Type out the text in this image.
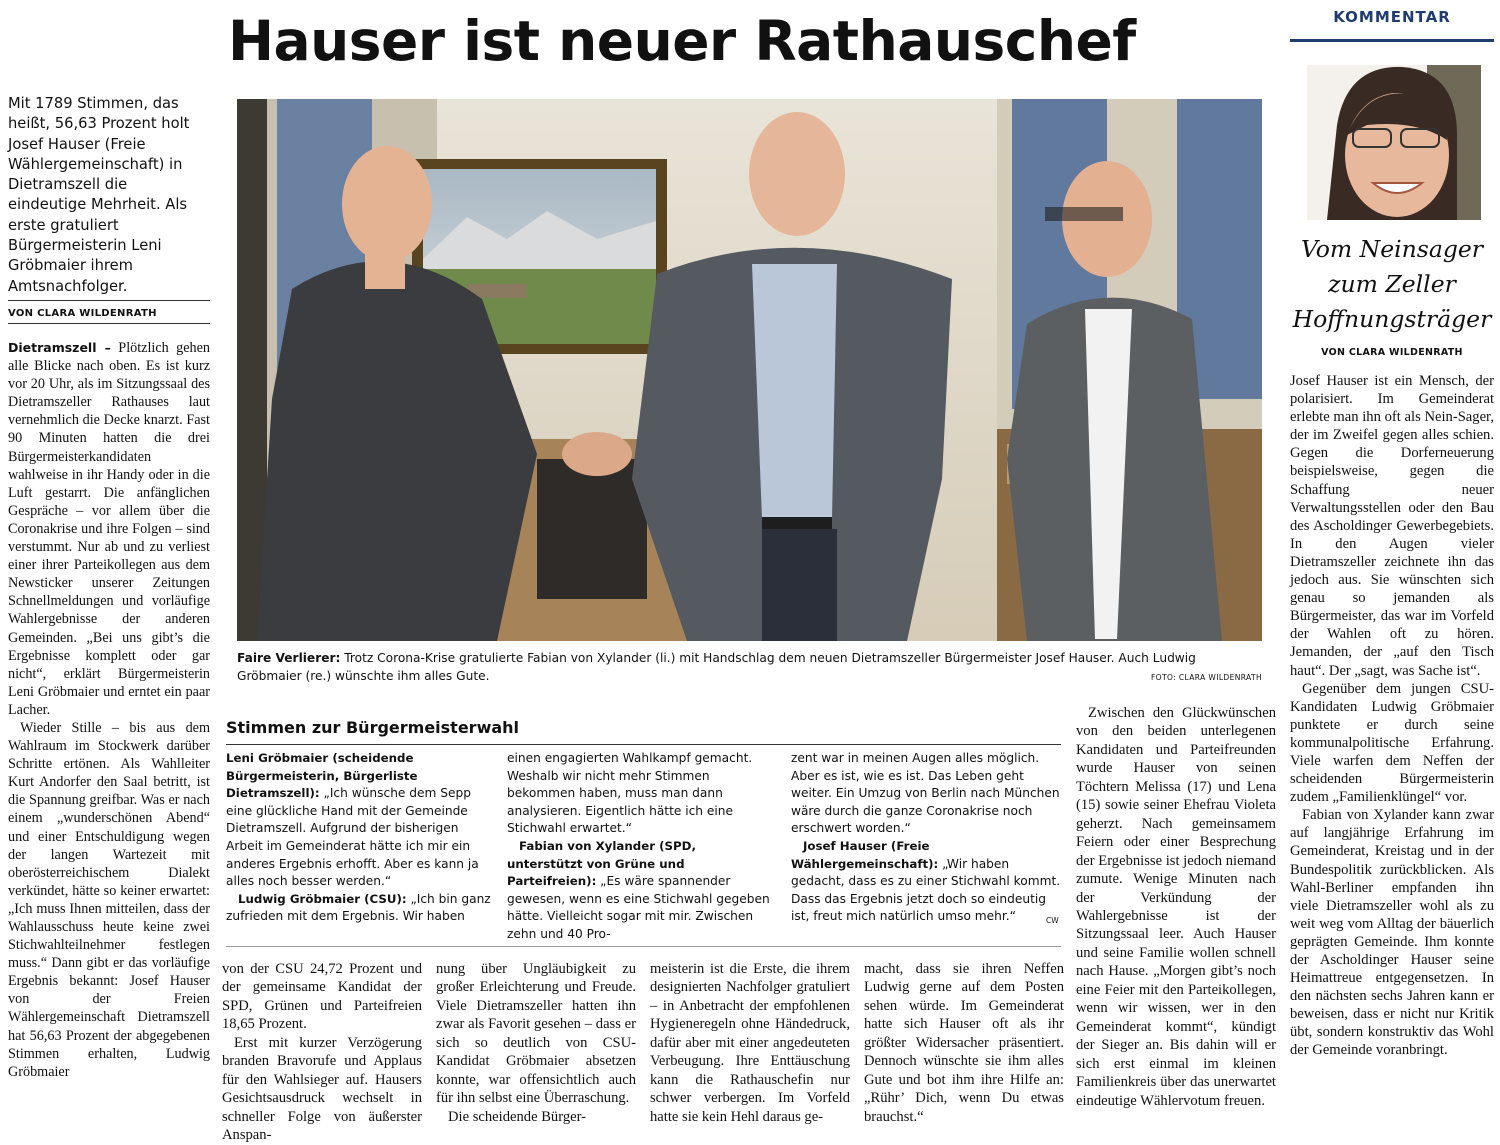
Hauser ist neuer Rathauschef
Mit 1789 Stimmen, das heißt, 56,63 Prozent holt Josef Hauser (Freie Wählergemeinschaft) in Dietramszell die eindeutige Mehrheit. Als erste gratuliert Bürgermeisterin Leni Gröbmaier ihrem Amtsnachfolger.
VON CLARA WILDENRATH

Dietramszell – Plötzlich gehen alle Blicke nach oben. Es ist kurz vor 20 Uhr, als im Sitzungssaal des Dietramszeller Rathauses laut vernehmlich die Decke knarzt. Fast 90 Minuten hatten die drei Bürgermeisterkandidaten wahlweise in ihr Handy oder in die Luft gestarrt. Die anfänglichen Gespräche – vor allem über die Coronakrise und ihre Folgen – sind verstummt. Nur ab und zu verliest einer ihrer Parteikollegen aus dem Newsticker unserer Zeitungen Schnellmeldungen und vorläufige Wahlergebnisse der anderen Gemeinden. „Bei uns gibt’s die Ergebnisse komplett oder gar nicht“, erklärt Bürgermeisterin Leni Gröbmaier und erntet ein paar Lacher.

Wieder Stille – bis aus dem Wahlraum im Stockwerk darüber Schritte ertönen. Als Wahlleiter Kurt Andorfer den Saal betritt, ist die Spannung greifbar. Was er nach einem „wunderschönen Abend“ und einer Entschuldigung wegen der langen Wartezeit mit oberösterreichischem Dialekt verkündet, hätte so keiner erwartet: „Ich muss Ihnen mitteilen, dass der Wahlausschuss heute keine zwei Stichwahlteilnehmer festlegen muss.“ Dann gibt er das vorläufige Ergebnis bekannt: Josef Hauser von der Freien Wählergemeinschaft Dietramszell hat 56,63 Prozent der abgegebenen Stimmen erhalten, Ludwig Gröbmaier

Faire Verlierer: Trotz Corona-Krise gratulierte Fabian von Xylander (li.) mit Handschlag dem neuen Dietramszeller Bürgermeister Josef Hauser. Auch Ludwig Gröbmaier (re.) wünschte ihm alles Gute.	FOTO: CLARA WILDENRATH
Stimmen zur Bürgermeisterwahl

Leni Gröbmaier (scheidende Bürgermeisterin, Bürgerliste Dietramszell): „Ich wünsche dem Sepp eine glückliche Hand mit der Gemeinde Dietramszell. Aufgrund der bisherigen Arbeit im Gemeinderat hätte ich mir ein anderes Ergebnis erhofft. Aber es kann ja alles noch besser werden.“

Ludwig Gröbmaier (CSU): „Ich bin ganz zufrieden mit dem Ergebnis. Wir haben

einen engagierten Wahlkampf gemacht. Weshalb wir nicht mehr Stimmen bekommen haben, muss man dann analysieren. Eigentlich hätte ich eine Stichwahl erwartet.“

Fabian von Xylander (SPD, unterstützt von Grüne und Parteifreien): „Es wäre spannender gewesen, wenn es eine Stichwahl gegeben hätte. Vielleicht sogar mit mir. Zwischen zehn und 40 Pro-

zent war in meinen Augen alles möglich. Aber es ist, wie es ist. Das Leben geht weiter. Ein Umzug von Berlin nach München wäre durch die ganze Coronakrise noch erschwert worden.“

Josef Hauser (Freie Wählergemeinschaft): „Wir haben gedacht, dass es zu einer Stichwahl kommt. Dass das Ergebnis jetzt doch so eindeutig ist, freut mich natürlich umso mehr.“	CW

von der CSU 24,72 Prozent und der gemeinsame Kandidat der SPD, Grünen und Parteifreien 18,65 Prozent.

Erst mit kurzer Verzögerung branden Bravorufe und Applaus für den Wahlsieger auf. Hausers Gesichtsausdruck wechselt in schneller Folge von äußerster Anspan-

nung über Ungläubigkeit zu großer Erleichterung und Freude. Viele Dietramszeller hatten ihn zwar als Favorit gesehen – dass er sich so deutlich von CSU-Kandidat Gröbmaier absetzen konnte, war offensichtlich auch für ihn selbst eine Überraschung.

Die scheidende Bürger-

meisterin ist die Erste, die ihrem designierten Nachfolger gratuliert – in Anbetracht der empfohlenen Hygieneregeln ohne Händedruck, dafür aber mit einer angedeuteten Verbeugung. Ihre Enttäuschung kann die Rathauschefin nur schwer verbergen. Im Vorfeld hatte sie kein Hehl daraus ge-

macht, dass sie ihren Neffen Ludwig gerne auf dem Posten sehen würde. Im Gemeinderat hatte sich Hauser oft als ihr größter Widersacher präsentiert. Dennoch wünschte sie ihm alles Gute und bot ihm ihre Hilfe an: „Rühr’ Dich, wenn Du etwas brauchst.“

Zwischen den Glückwünschen von den beiden unterlegenen Kandidaten und Parteifreunden wurde Hauser von seinen Töchtern Melissa (17) und Lena (15) sowie seiner Ehefrau Violeta geherzt. Nach gemeinsamem Feiern oder einer Besprechung der Ergebnisse ist jedoch niemand zumute. Wenige Minuten nach der Verkündung der Wahlergebnisse ist der Sitzungssaal leer. Auch Hauser und seine Familie wollen schnell nach Hause. „Morgen gibt’s noch eine Feier mit den Parteikollegen, wenn wir wissen, wer in den Gemeinderat kommt“, kündigt der Sieger an. Bis dahin will er sich erst einmal im kleinen Familienkreis über das unerwartet eindeutige Wählervotum freuen.

KOMMENTAR
Vom Neinsager zum Zeller Hoffnungsträger
VON CLARA WILDENRATH

Josef Hauser ist ein Mensch, der polarisiert. Im Gemeinderat erlebte man ihn oft als Nein-Sager, der im Zweifel gegen alles schien. Gegen die Dorferneuerung beispielsweise, gegen die Schaffung neuer Verwaltungsstellen oder den Bau des Ascholdinger Gewerbegebiets. In den Augen vieler Dietramszeller zeichnete ihn das jedoch aus. Sie wünschten sich genau so jemanden als Bürgermeister, das war im Vorfeld der Wahlen oft zu hören. Jemanden, der „auf den Tisch haut“. Der „sagt, was Sache ist“.

Gegenüber dem jungen CSU-Kandidaten Ludwig Gröbmaier punktete er durch seine kommunalpolitische Erfahrung. Viele warfen dem Neffen der scheidenden Bürgermeisterin zudem „Familienklüngel“ vor.

Fabian von Xylander kann zwar auf langjährige Erfahrung im Gemeinderat, Kreistag und in der Bundespolitik zurückblicken. Als Wahl-Berliner empfanden ihn viele Dietramszeller wohl als zu weit weg vom Alltag der bäuerlich geprägten Gemeinde. Ihm konnte der Ascholdinger Hauser seine Heimattreue entgegensetzen. In den nächsten sechs Jahren kann er beweisen, dass er nicht nur Kritik übt, sondern konstruktiv das Wohl der Gemeinde voranbringt.
